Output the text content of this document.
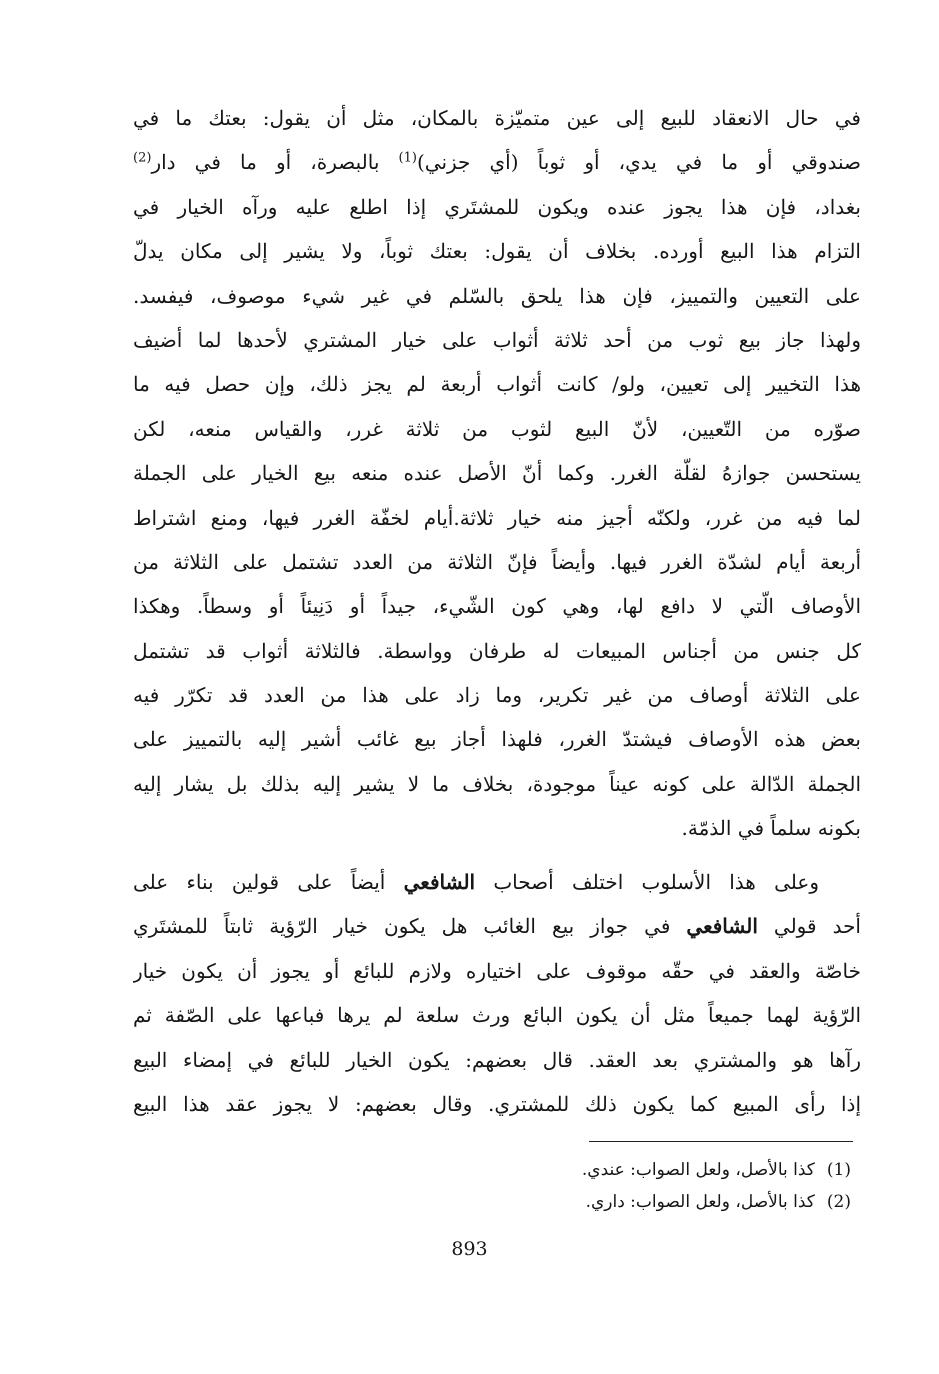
في حال الانعقاد للبيع إلى عين متميّزة بالمكان، مثل أن يقول: بعتك ما في
صندوقي أو ما في يدي، أو ثوباً (أي جزني)$^{(1)}$ بالبصرة، أو ما في دار$^{(2)}$
بغداد، فإن هذا يجوز عنده ويكون للمشتَري إذا اطلع عليه ورآه الخيار في
التزام هذا البيع أورده. بخلاف أن يقول: بعتك ثوباً، ولا يشير إلى مكان يدلّ
على التعيين والتمييز، فإن هذا يلحق بالسّلم في غير شيء موصوف، فيفسد.
ولهذا جاز بيع ثوب من أحد ثلاثة أثواب على خيار المشتري لأحدها لما أضيف
هذا التخيير إلى تعيين، ولو/ كانت أثواب أربعة لم يجز ذلك، وإن حصل فيه ما
صوّره من التّعيين، لأنّ البيع لثوب من ثلاثة غرر، والقياس منعه، لكن
يستحسن جوازهُ لقلّة الغرر. وكما أنّ الأصل عنده منعه بيع الخيار على الجملة
لما فيه من غرر، ولكنّه أجيز منه خيار ثلاثة.أيام لخفّة الغرر فيها، ومنع اشتراط
أربعة أيام لشدّة الغرر فيها. وأيضاً فإنّ الثلاثة من العدد تشتمل على الثلاثة من
الأوصاف الّتي لا دافع لها، وهي كون الشّيء، جيداً أو دَنِيئاً أو وسطاً. وهكذا
كل جنس من أجناس المبيعات له طرفان وواسطة. فالثلاثة أثواب قد تشتمل
على الثلاثة أوصاف من غير تكرير، وما زاد على هذا من العدد قد تكرّر فيه
بعض هذه الأوصاف فيشتدّ الغرر، فلهذا أجاز بيع غائب أشير إليه بالتمييز على
الجملة الدّالة على كونه عيناً موجودة، بخلاف ما لا يشير إليه بذلك بل يشار إليه
بكونه سلماً في الذمّة.
وعلى هذا الأسلوب اختلف أصحاب الشافعي أيضاً على قولين بناء على
أحد قولي الشافعي في جواز بيع الغائب هل يكون خيار الرّؤية ثابتاً للمشتَري
خاصّة والعقد في حقّه موقوف على اختياره ولازم للبائع أو يجوز أن يكون خيار
الرّؤية لهما جميعاً مثل أن يكون البائع ورث سلعة لم يرها فباعها على الصّفة ثم
رآها هو والمشتري بعد العقد. قال بعضهم: يكون الخيار للبائع في إمضاء البيع
إذا رأى المبيع كما يكون ذلك للمشتري. وقال بعضهم: لا يجوز عقد هذا البيع
(1)كذا بالأصل، ولعل الصواب: عندي.
(2)كذا بالأصل، ولعل الصواب: داري.
893
